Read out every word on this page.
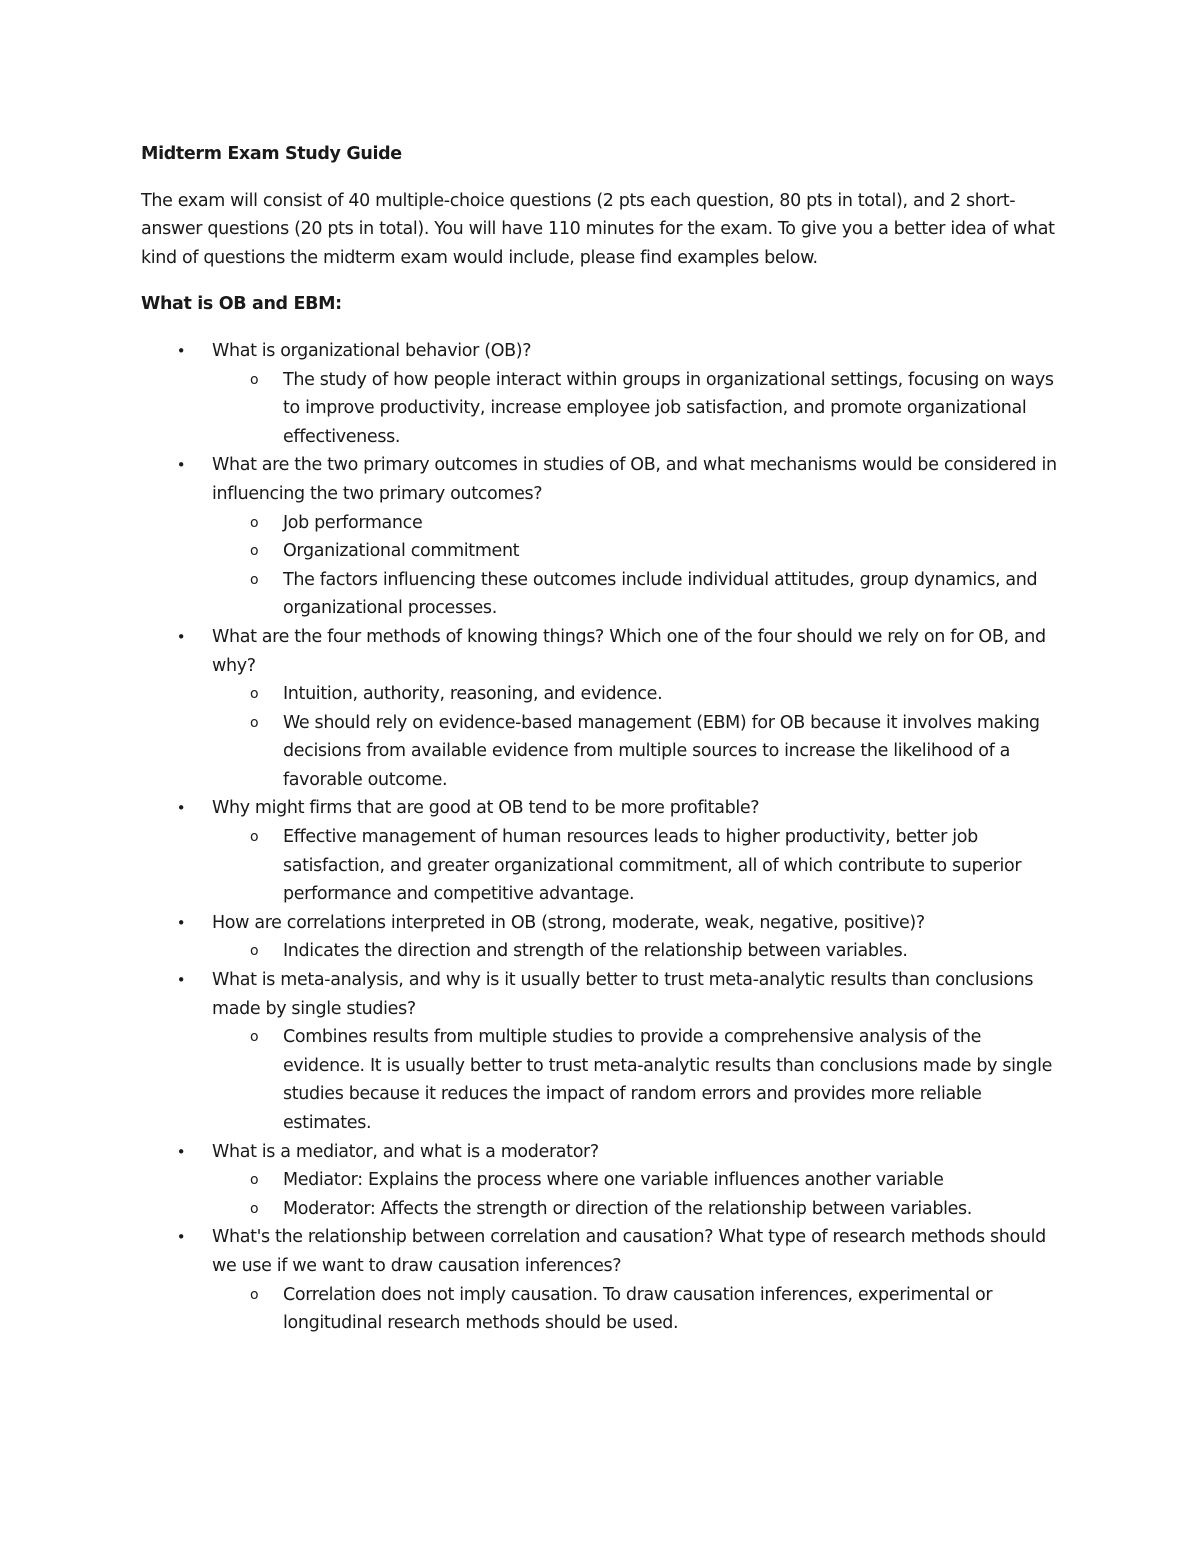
Midterm Exam Study Guide
The exam will consist of 40 multiple-choice questions (2 pts each question, 80 pts in total), and 2 short-answer questions (20 pts in total). You will have 110 minutes for the exam. To give you a better idea of what kind of questions the midterm exam would include, please find examples below.
What is OB and EBM:
• What is organizational behavior (OB)?
o The study of how people interact within groups in organizational settings, focusing on ways to improve productivity, increase employee job satisfaction, and promote organizational effectiveness.
• What are the two primary outcomes in studies of OB, and what mechanisms would be considered in influencing the two primary outcomes?
o Job performance
o Organizational commitment
o The factors influencing these outcomes include individual attitudes, group dynamics, and organizational processes.
• What are the four methods of knowing things? Which one of the four should we rely on for OB, and why?
o Intuition, authority, reasoning, and evidence.
o We should rely on evidence-based management (EBM) for OB because it involves making decisions from available evidence from multiple sources to increase the likelihood of a favorable outcome.
• Why might firms that are good at OB tend to be more profitable?
o Effective management of human resources leads to higher productivity, better job satisfaction, and greater organizational commitment, all of which contribute to superior performance and competitive advantage.
• How are correlations interpreted in OB (strong, moderate, weak, negative, positive)?
o Indicates the direction and strength of the relationship between variables.
• What is meta-analysis, and why is it usually better to trust meta-analytic results than conclusions made by single studies?
o Combines results from multiple studies to provide a comprehensive analysis of the evidence. It is usually better to trust meta-analytic results than conclusions made by single studies because it reduces the impact of random errors and provides more reliable estimates.
• What is a mediator, and what is a moderator?
o Mediator: Explains the process where one variable influences another variable
o Moderator: Affects the strength or direction of the relationship between variables.
• What's the relationship between correlation and causation? What type of research methods should we use if we want to draw causation inferences?
o Correlation does not imply causation. To draw causation inferences, experimental or longitudinal research methods should be used.
